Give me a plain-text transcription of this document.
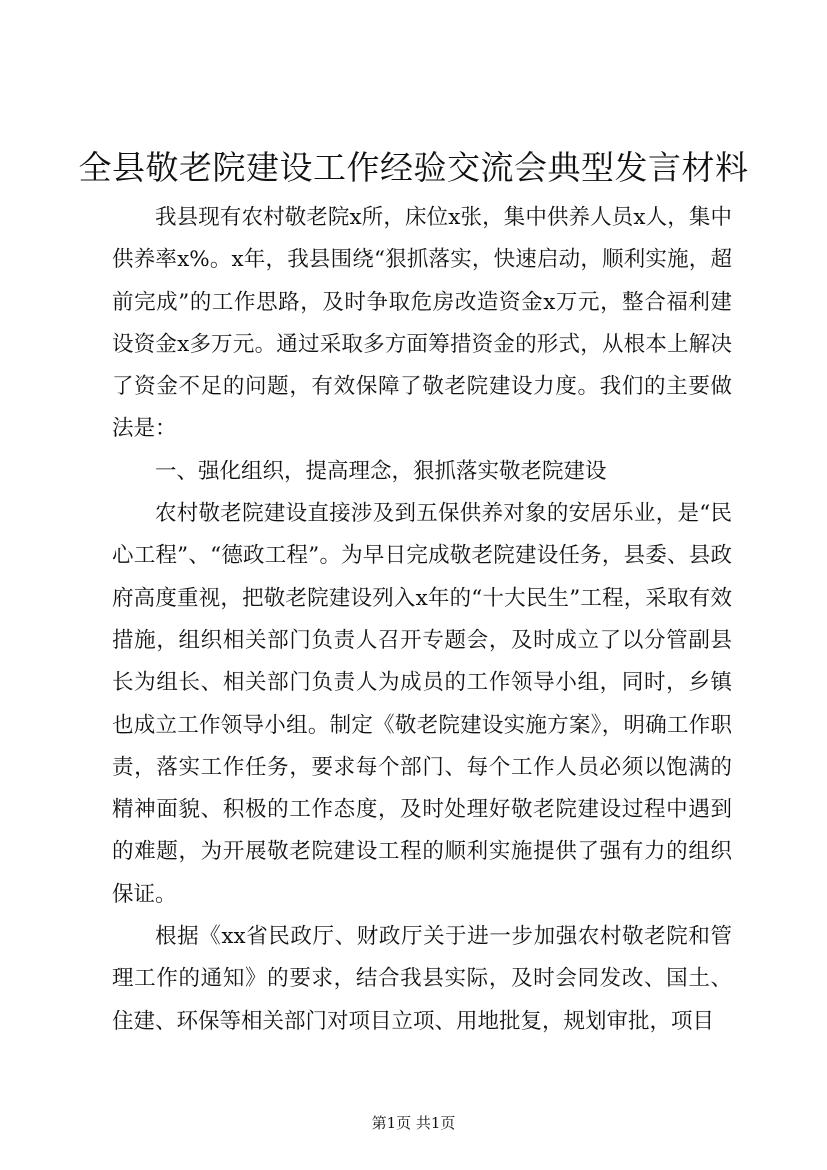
全县敬老院建设工作经验交流会典型发言材料

我县现有农村敬老院x所，床位x张，集中供养人员x人，集中供养率x%。x年，我县围绕“狠抓落实，快速启动，顺利实施，超前完成”的工作思路，及时争取危房改造资金x万元，整合福利建设资金x多万元。通过采取多方面筹措资金的形式，从根本上解决了资金不足的问题，有效保障了敬老院建设力度。我们的主要做法是：

一、强化组织，提高理念，狠抓落实敬老院建设

农村敬老院建设直接涉及到五保供养对象的安居乐业，是“民心工程”、“德政工程”。为早日完成敬老院建设任务，县委、县政府高度重视，把敬老院建设列入x年的“十大民生”工程，采取有效措施，组织相关部门负责人召开专题会，及时成立了以分管副县长为组长、相关部门负责人为成员的工作领导小组，同时，乡镇也成立工作领导小组。制定《敬老院建设实施方案》，明确工作职责，落实工作任务，要求每个部门、每个工作人员必须以饱满的精神面貌、积极的工作态度，及时处理好敬老院建设过程中遇到的难题，为开展敬老院建设工程的顺利实施提供了强有力的组织保证。

根据《xx省民政厅、财政厅关于进一步加强农村敬老院和管理工作的通知》的要求，结合我县实际，及时会同发改、国土、住建、环保等相关部门对项目立项、用地批复，规划审批，项目

第1页 共1页
